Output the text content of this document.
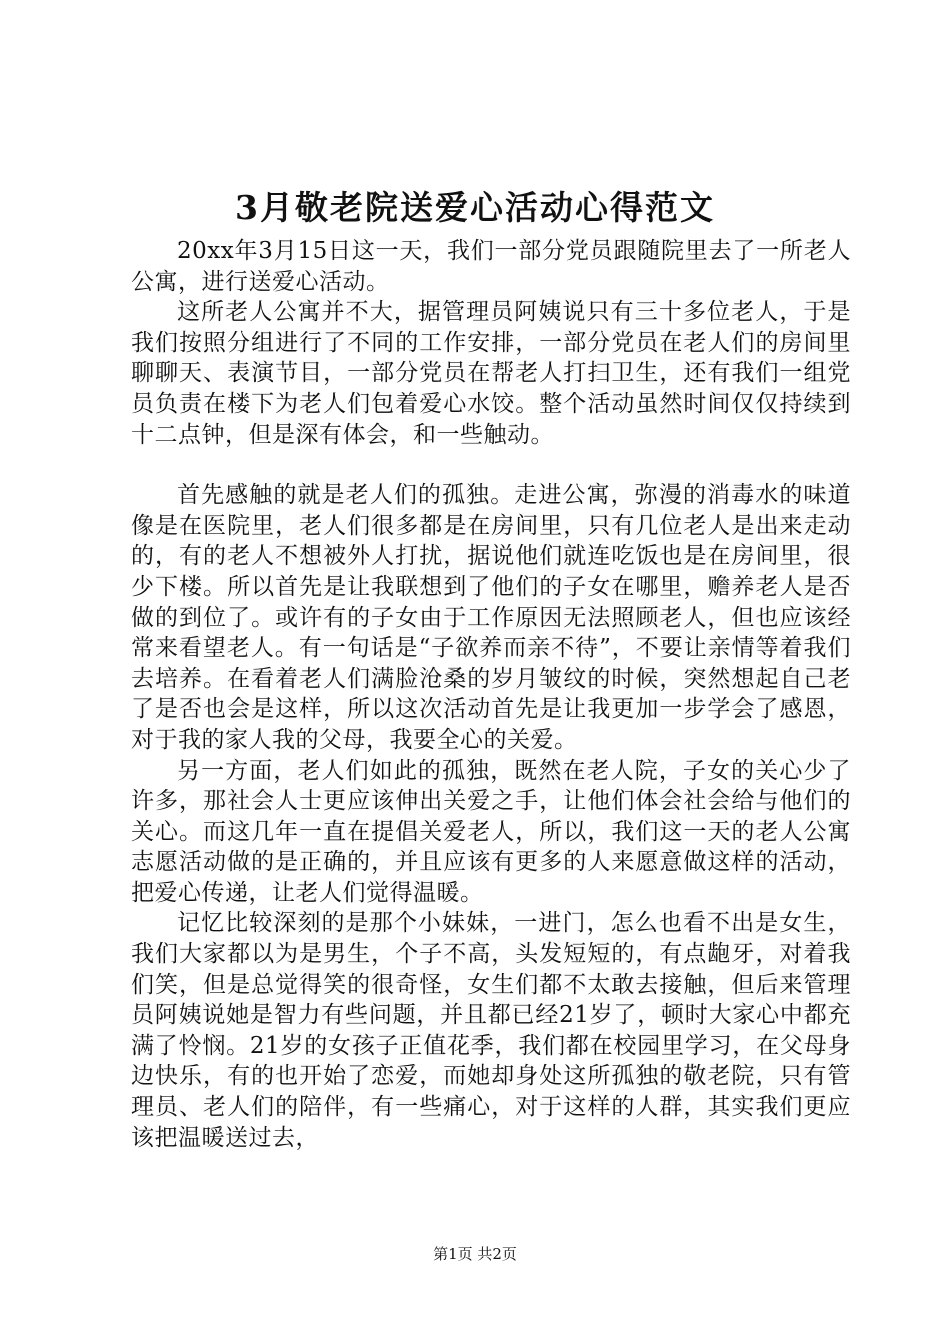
3月敬老院送爱心活动心得范文

20xx年3月15日这一天，我们一部分党员跟随院里去了一所老人公寓，进行送爱心活动。

这所老人公寓并不大，据管理员阿姨说只有三十多位老人，于是我们按照分组进行了不同的工作安排，一部分党员在老人们的房间里聊聊天、表演节目，一部分党员在帮老人打扫卫生，还有我们一组党员负责在楼下为老人们包着爱心水饺。整个活动虽然时间仅仅持续到十二点钟，但是深有体会，和一些触动。

首先感触的就是老人们的孤独。走进公寓，弥漫的消毒水的味道像是在医院里，老人们很多都是在房间里，只有几位老人是出来走动的，有的老人不想被外人打扰，据说他们就连吃饭也是在房间里，很少下楼。所以首先是让我联想到了他们的子女在哪里，赡养老人是否做的到位了。或许有的子女由于工作原因无法照顾老人，但也应该经常来看望老人。有一句话是“子欲养而亲不待”，不要让亲情等着我们去培养。在看着老人们满脸沧桑的岁月皱纹的时候，突然想起自己老了是否也会是这样，所以这次活动首先是让我更加一步学会了感恩，对于我的家人我的父母，我要全心的关爱。

另一方面，老人们如此的孤独，既然在老人院，子女的关心少了许多，那社会人士更应该伸出关爱之手，让他们体会社会给与他们的关心。而这几年一直在提倡关爱老人，所以，我们这一天的老人公寓志愿活动做的是正确的，并且应该有更多的人来愿意做这样的活动，把爱心传递，让老人们觉得温暖。

记忆比较深刻的是那个小妹妹，一进门，怎么也看不出是女生，我们大家都以为是男生，个子不高，头发短短的，有点龅牙，对着我们笑，但是总觉得笑的很奇怪，女生们都不太敢去接触，但后来管理员阿姨说她是智力有些问题，并且都已经21岁了，顿时大家心中都充满了怜悯。21岁的女孩子正值花季，我们都在校园里学习，在父母身边快乐，有的也开始了恋爱，而她却身处这所孤独的敬老院，只有管理员、老人们的陪伴，有一些痛心，对于这样的人群，其实我们更应该把温暖送过去，

第1页 共2页
